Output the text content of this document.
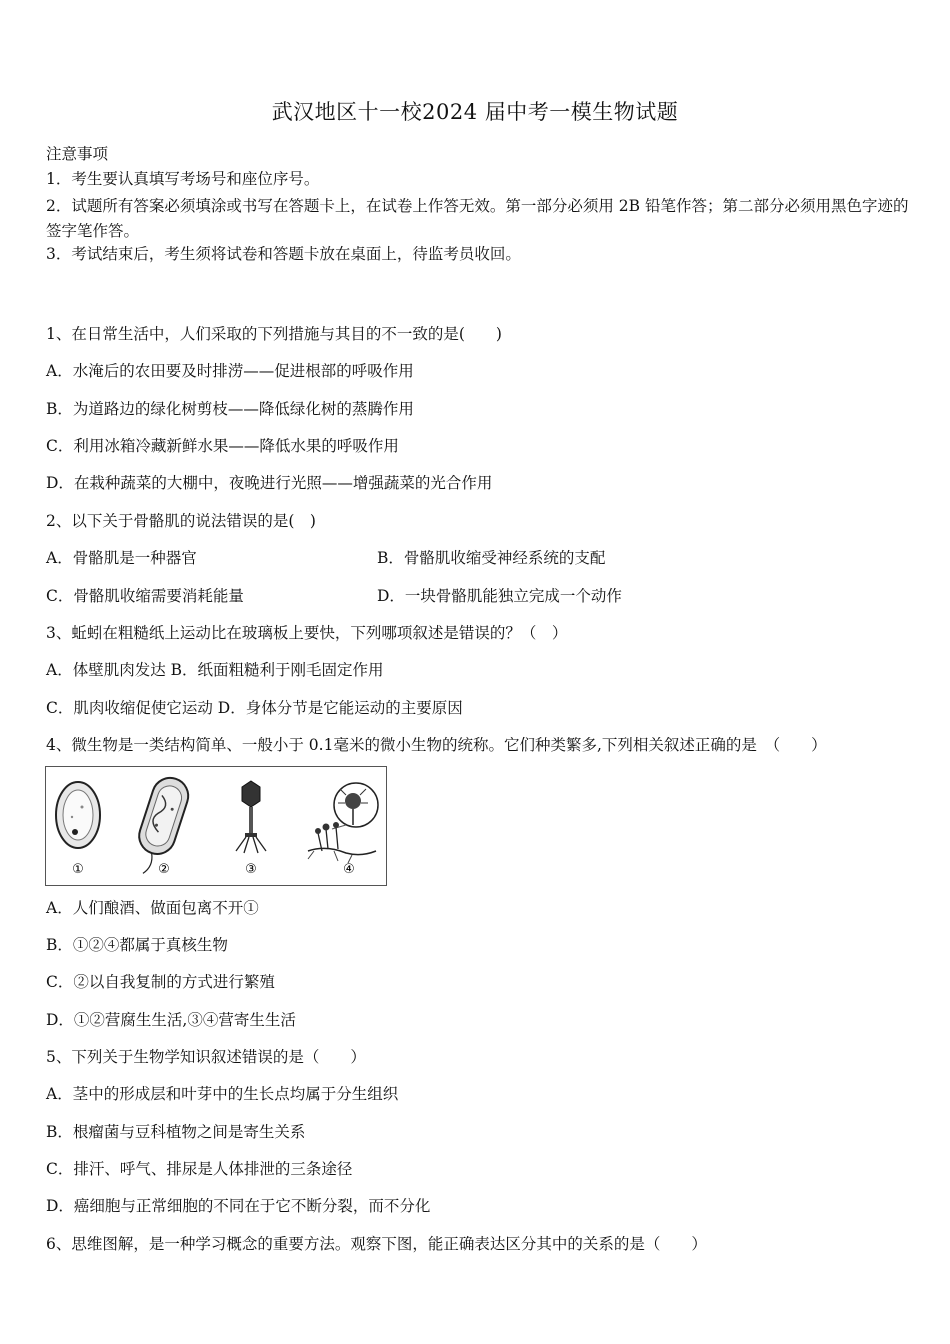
武汉地区十一校2024 届中考一模生物试题
注意事项
1．考生要认真填写考场号和座位序号。
2．试题所有答案必须填涂或书写在答题卡上，在试卷上作答无效。第一部分必须用 2B 铅笔作答；第二部分必须用黑色字迹的签字笔作答。
3．考试结束后，考生须将试卷和答题卡放在桌面上，待监考员收回。
1、在日常生活中，人们采取的下列措施与其目的不一致的是(　　)
A．水淹后的农田要及时排涝——促进根部的呼吸作用
B．为道路边的绿化树剪枝——降低绿化树的蒸腾作用
C．利用冰箱冷藏新鲜水果——降低水果的呼吸作用
D．在栽种蔬菜的大棚中，夜晚进行光照——增强蔬菜的光合作用
2、以下关于骨骼肌的说法错误的是(　)
A．骨骼肌是一种器官	B．骨骼肌收缩受神经系统的支配
C．骨骼肌收缩需要消耗能量	D．一块骨骼肌能独立完成一个动作
3、蚯蚓在粗糙纸上运动比在玻璃板上要快，下列哪项叙述是错误的？（　）
A．体壁肌肉发达 B．纸面粗糙利于刚毛固定作用
C．肌肉收缩促使它运动 D．身体分节是它能运动的主要原因
4、微生物是一类结构简单、一般小于 0.1毫米的微小生物的统称。它们种类繁多,下列相关叙述正确的是　（　　）
①	②	③	④
A．人们酿酒、做面包离不开①
B．①②④都属于真核生物
C．②以自我复制的方式进行繁殖
D．①②营腐生生活,③④营寄生生活
5、下列关于生物学知识叙述错误的是（　　）
A．茎中的形成层和叶芽中的生长点均属于分生组织
B．根瘤菌与豆科植物之间是寄生关系
C．排汗、呼气、排尿是人体排泄的三条途径
D．癌细胞与正常细胞的不同在于它不断分裂，而不分化
6、思维图解，是一种学习概念的重要方法。观察下图，能正确表达区分其中的关系的是（　　）
